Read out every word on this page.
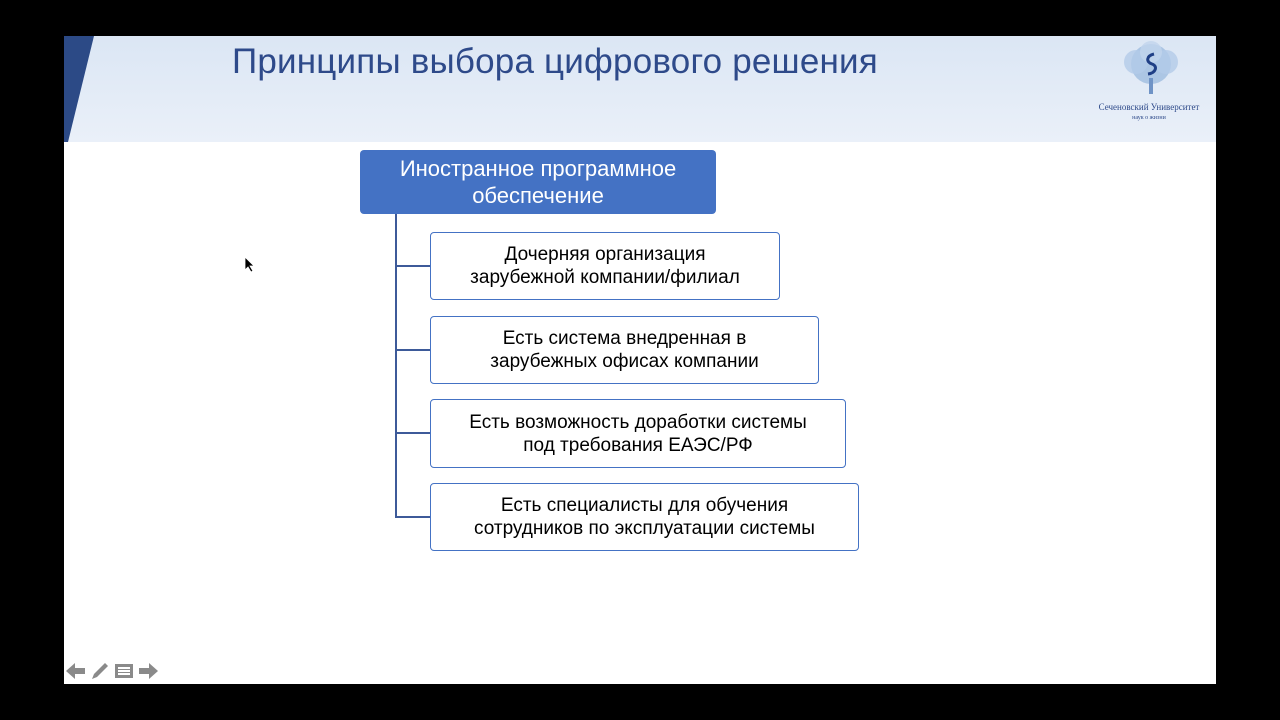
Принципы выбора цифрового решения
Сеченовский Университет
наук о жизни
Иностранное программное
обеспечение
Дочерняя организация
зарубежной компании/филиал
Есть система внедренная в
зарубежных офисах компании
Есть возможность доработки системы
под требования ЕАЭС/РФ
Есть специалисты для обучения
сотрудников по эксплуатации системы
